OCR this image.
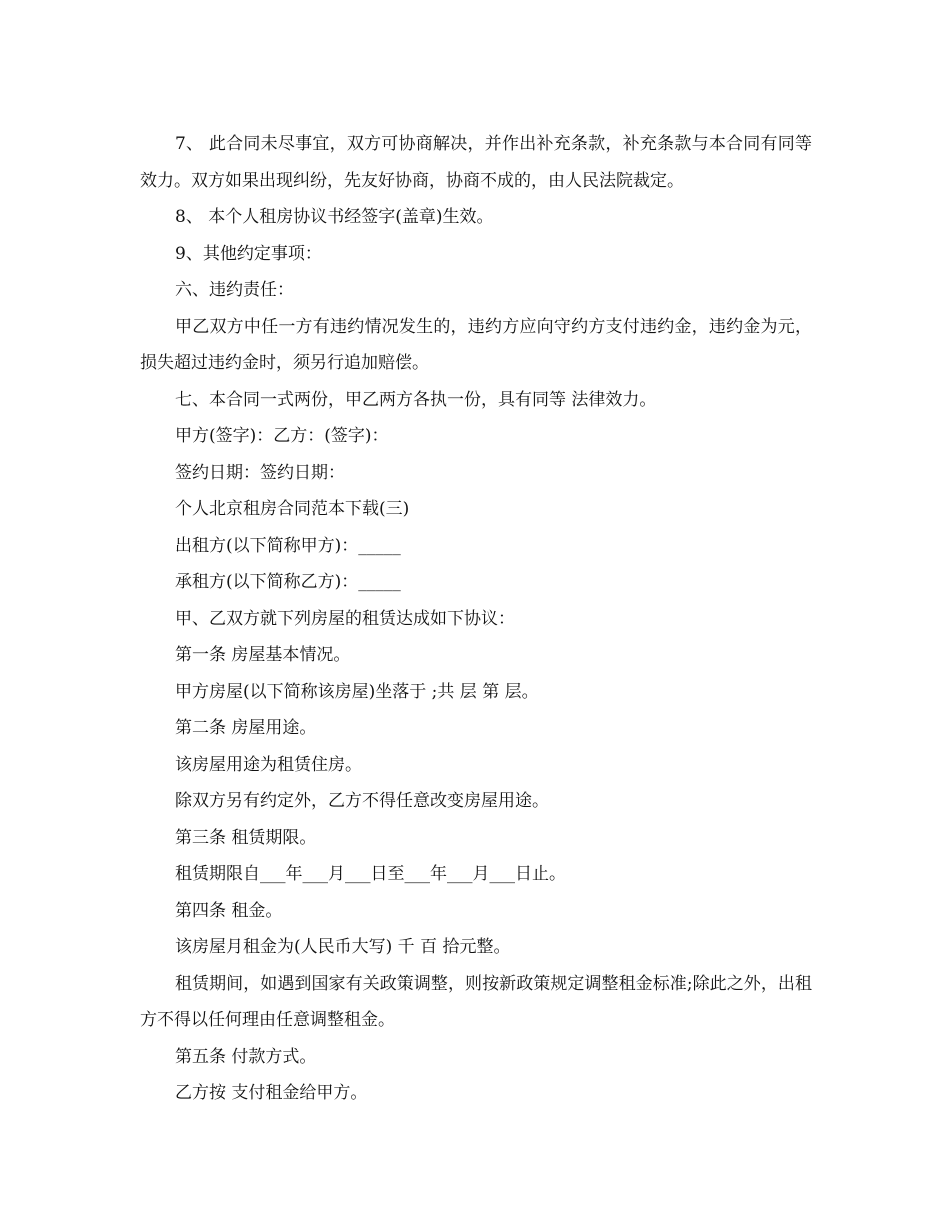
7、 此合同未尽事宜，双方可协商解决，并作出补充条款，补充条款与本合同有同等效力。双方如果出现纠纷，先友好协商，协商不成的，由人民法院裁定。

8、 本个人租房协议书经签字(盖章)生效。

9、其他约定事项：

六、违约责任：

甲乙双方中任一方有违约情况发生的，违约方应向守约方支付违约金，违约金为元，损失超过违约金时，须另行追加赔偿。

七、本合同一式两份，甲乙两方各执一份，具有同等 法律效力。

甲方(签字)：乙方：(签字)：

签约日期：签约日期：

个人北京租房合同范本下载(三)

出租方(以下简称甲方)：_____

承租方(以下简称乙方)：_____

甲、乙双方就下列房屋的租赁达成如下协议：

第一条 房屋基本情况。

甲方房屋(以下简称该房屋)坐落于 ;共 层 第 层。

第二条 房屋用途。

该房屋用途为租赁住房。

除双方另有约定外，乙方不得任意改变房屋用途。

第三条 租赁期限。

租赁期限自___年___月___日至___年___月___日止。

第四条 租金。

该房屋月租金为(人民币大写) 千 百 拾元整。

租赁期间，如遇到国家有关政策调整，则按新政策规定调整租金标准;除此之外，出租方不得以任何理由任意调整租金。

第五条 付款方式。

乙方按 支付租金给甲方。
